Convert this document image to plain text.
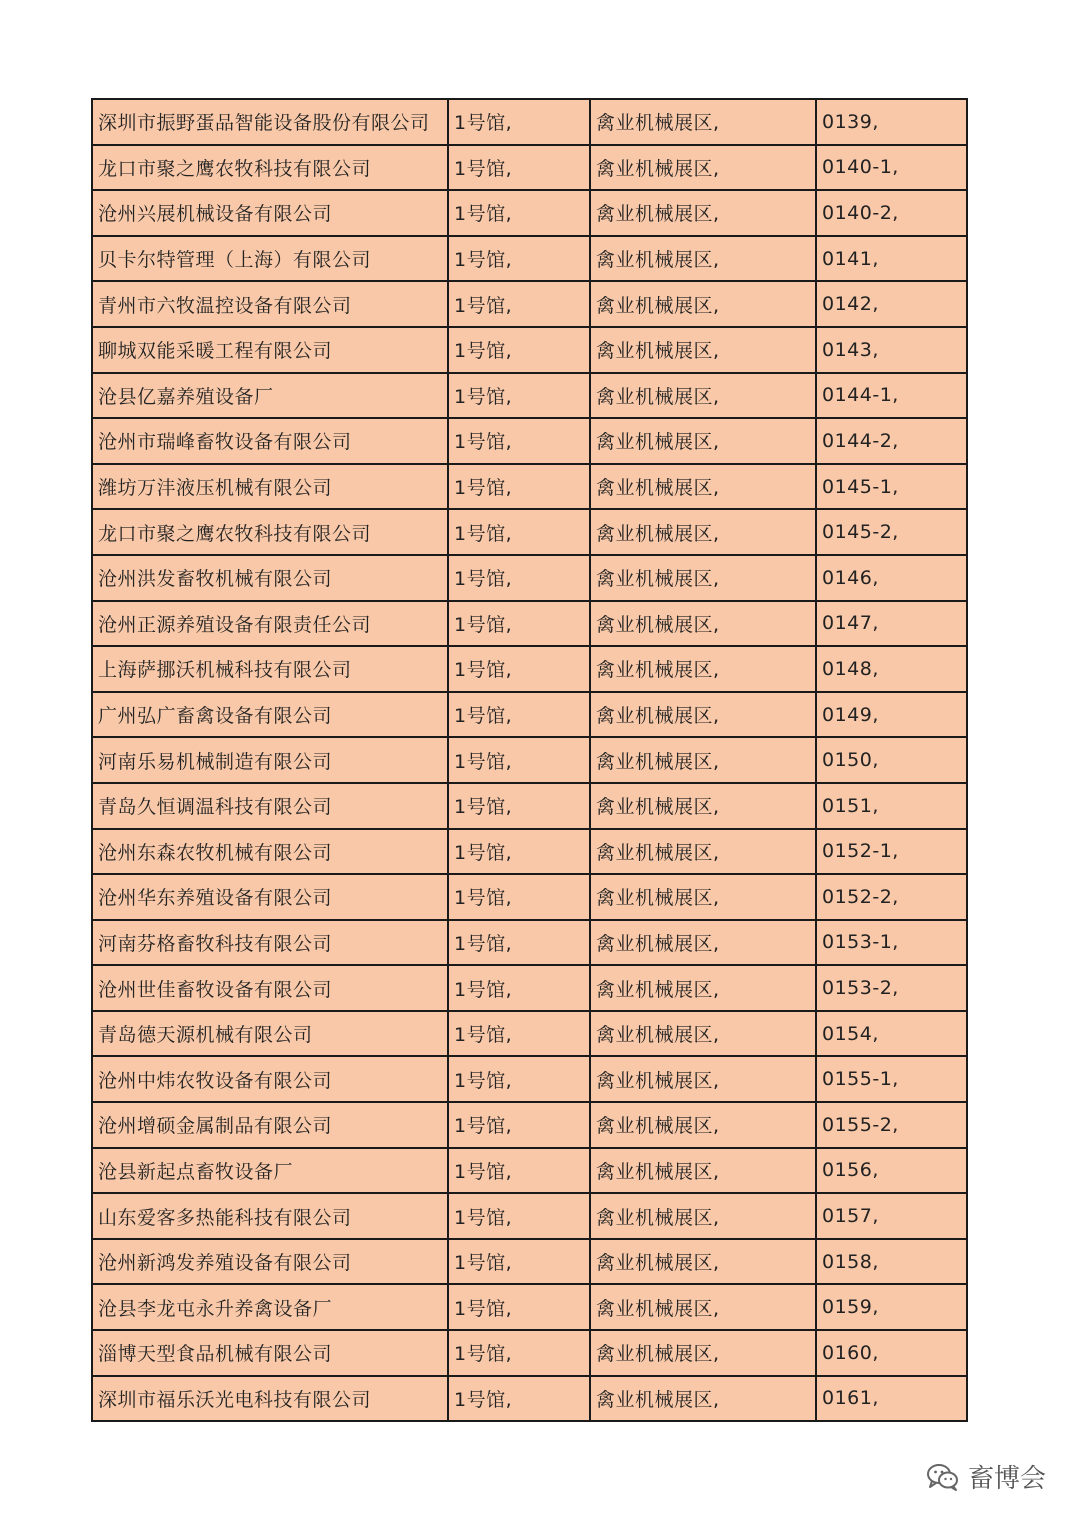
深圳市振野蛋品智能设备股份有限公司	1号馆,	禽业机械展区,	0139,
龙口市聚之鹰农牧科技有限公司	1号馆,	禽业机械展区,	0140-1,
沧州兴展机械设备有限公司	1号馆,	禽业机械展区,	0140-2,
贝卡尔特管理（上海）有限公司	1号馆,	禽业机械展区,	0141,
青州市六牧温控设备有限公司	1号馆,	禽业机械展区,	0142,
聊城双能采暖工程有限公司	1号馆,	禽业机械展区,	0143,
沧县亿嘉养殖设备厂	1号馆,	禽业机械展区,	0144-1,
沧州市瑞峰畜牧设备有限公司	1号馆,	禽业机械展区,	0144-2,
潍坊万沣液压机械有限公司	1号馆,	禽业机械展区,	0145-1,
龙口市聚之鹰农牧科技有限公司	1号馆,	禽业机械展区,	0145-2,
沧州洪发畜牧机械有限公司	1号馆,	禽业机械展区,	0146,
沧州正源养殖设备有限责任公司	1号馆,	禽业机械展区,	0147,
上海萨挪沃机械科技有限公司	1号馆,	禽业机械展区,	0148,
广州弘广畜禽设备有限公司	1号馆,	禽业机械展区,	0149,
河南乐易机械制造有限公司	1号馆,	禽业机械展区,	0150,
青岛久恒调温科技有限公司	1号馆,	禽业机械展区,	0151,
沧州东森农牧机械有限公司	1号馆,	禽业机械展区,	0152-1,
沧州华东养殖设备有限公司	1号馆,	禽业机械展区,	0152-2,
河南芬格畜牧科技有限公司	1号馆,	禽业机械展区,	0153-1,
沧州世佳畜牧设备有限公司	1号馆,	禽业机械展区,	0153-2,
青岛德天源机械有限公司	1号馆,	禽业机械展区,	0154,
沧州中炜农牧设备有限公司	1号馆,	禽业机械展区,	0155-1,
沧州增硕金属制品有限公司	1号馆,	禽业机械展区,	0155-2,
沧县新起点畜牧设备厂	1号馆,	禽业机械展区,	0156,
山东爱客多热能科技有限公司	1号馆,	禽业机械展区,	0157,
沧州新鸿发养殖设备有限公司	1号馆,	禽业机械展区,	0158,
沧县李龙屯永升养禽设备厂	1号馆,	禽业机械展区,	0159,
淄博天型食品机械有限公司	1号馆,	禽业机械展区,	0160,
深圳市福乐沃光电科技有限公司	1号馆,	禽业机械展区,	0161,
畜博会
